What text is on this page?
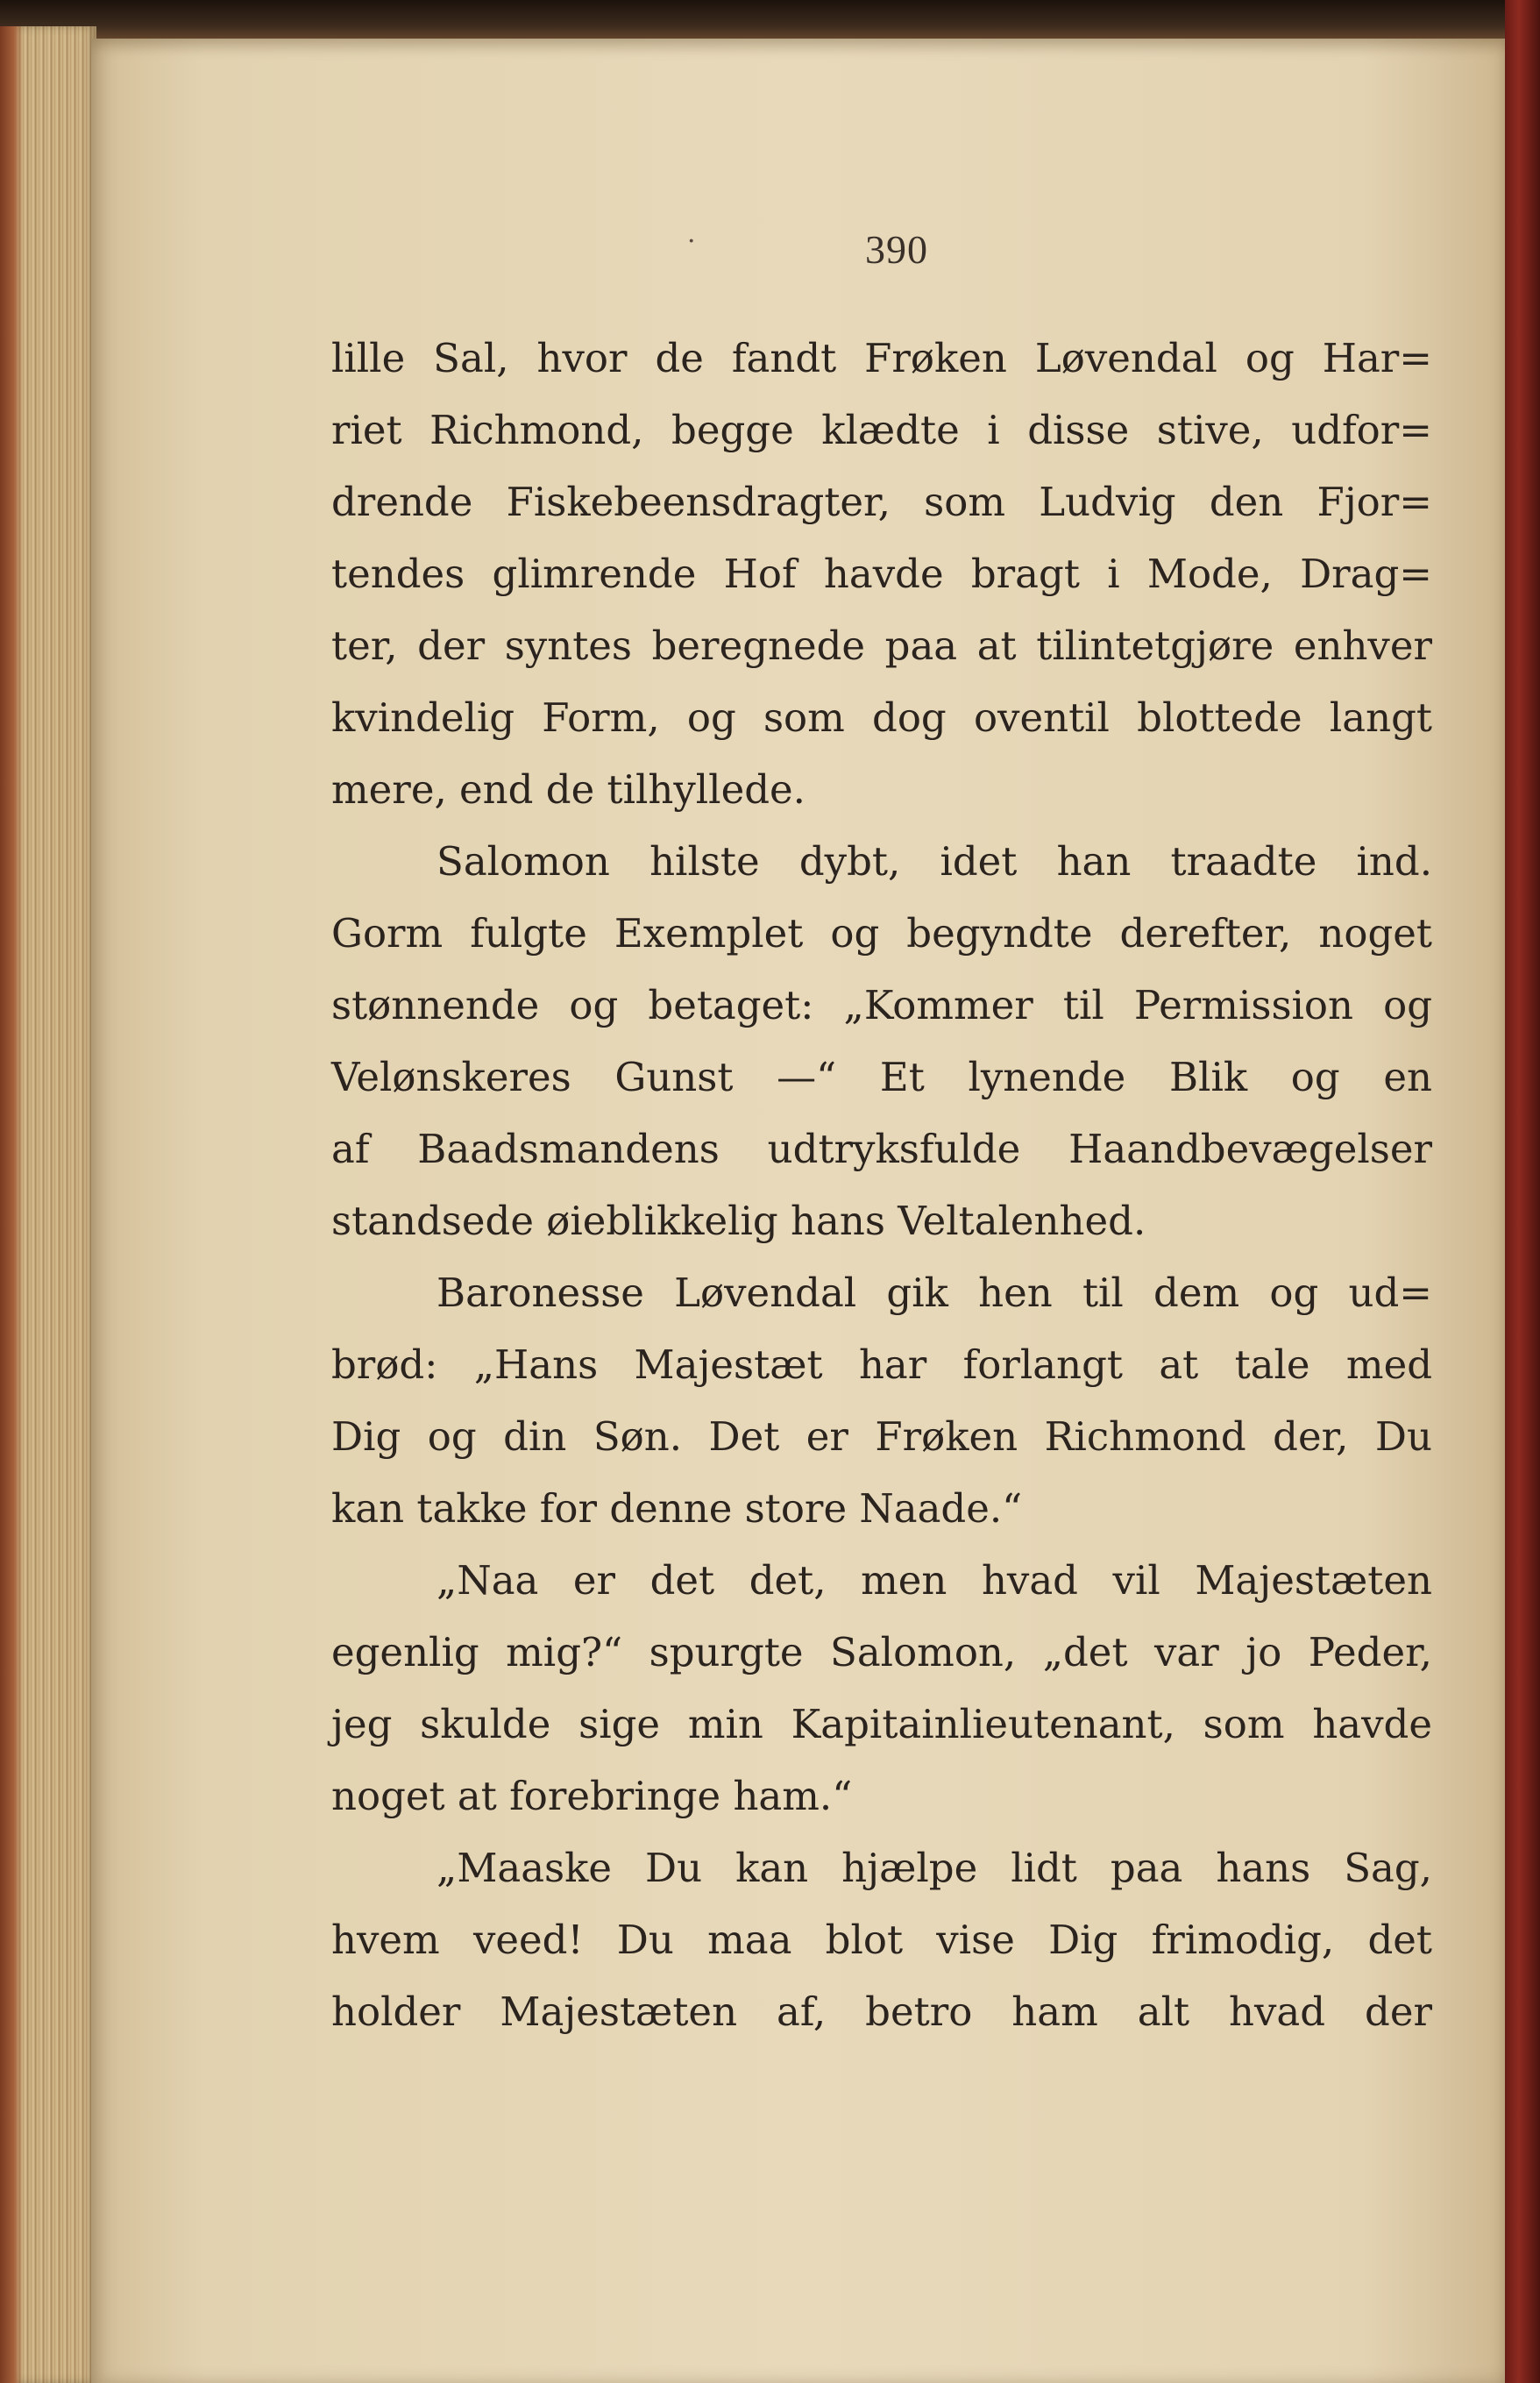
·	390
lille Sal, hvor de fandt Frøken Løvendal og Har=
riet Richmond, begge klædte i disse stive, udfor=
drende Fiskebeensdragter, som Ludvig den Fjor=
tendes glimrende Hof havde bragt i Mode, Drag=
ter, der syntes beregnede paa at tilintetgjøre enhver
kvindelig Form, og som dog oventil blottede langt
mere, end de tilhyllede.
Salomon hilste dybt, idet han traadte ind.
Gorm fulgte Exemplet og begyndte derefter, noget
stønnende og betaget: „Kommer til Permission og
Velønskeres Gunst —“ Et lynende Blik og en
af Baadsmandens udtryksfulde Haandbevægelser
standsede øieblikkelig hans Veltalenhed.
Baronesse Løvendal gik hen til dem og ud=
brød: „Hans Majestæt har forlangt at tale med
Dig og din Søn. Det er Frøken Richmond der, Du
kan takke for denne store Naade.“
„Naa er det det, men hvad vil Majestæten
egenlig mig?“ spurgte Salomon, „det var jo Peder,
jeg skulde sige min Kapitainlieutenant, som havde
noget at forebringe ham.“
„Maaske Du kan hjælpe lidt paa hans Sag,
hvem veed! Du maa blot vise Dig frimodig, det
holder Majestæten af, betro ham alt hvad der
